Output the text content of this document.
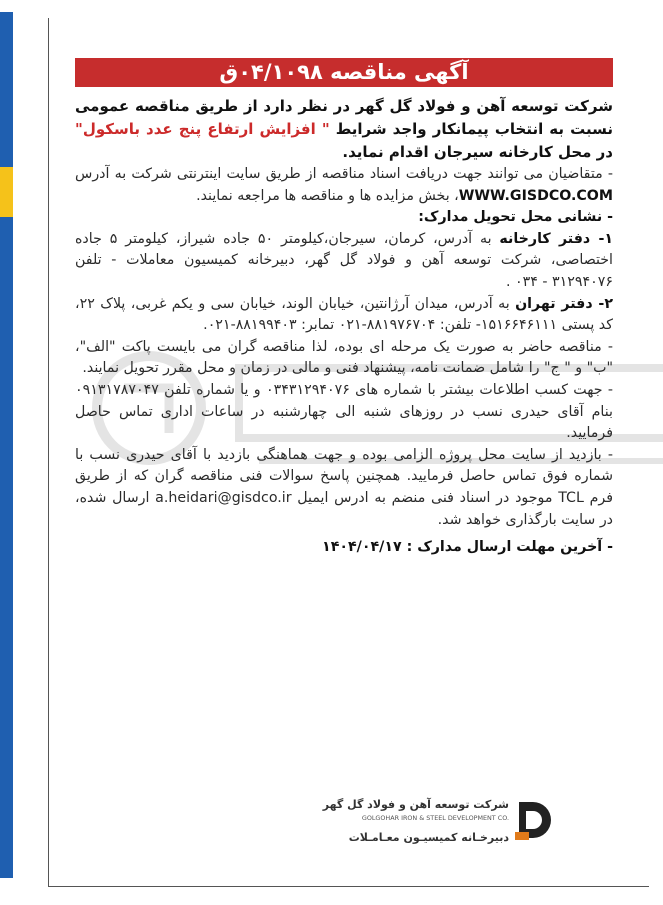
آگهی مناقصه ۰۴/۱۰۹۸ق

شرکت توسعه آهن و فولاد گل گهر در نظر دارد از طریق مناقصه عمومی نسبت به انتخاب پیمانکار واجد شرایط " افزایش ارتفاع پنج عدد باسکول" در محل کارخانه سیرجان اقدام نماید.

- متقاضیان می توانند جهت دریافت اسناد مناقصه از طریق سایت اینترنتی شرکت به آدرس WWW.GISDCO.COM، بخش مزایده ها و مناقصه ها مراجعه نمایند.

- نشانی محل تحویل مدارک:

۱- دفتر کارخانه به آدرس، کرمان، سیرجان،کیلومتر ۵۰ جاده شیراز، کیلومتر ۵ جاده اختصاصی، شرکت توسعه آهن و فولاد گل گهر، دبیرخانه کمیسیون معاملات - تلفن ۳۱۲۹۴۰۷۶ - ۰۳۴ .

۲- دفتر تهران به آدرس، میدان آرژانتین، خیابان الوند، خیابان سی و یکم غربی، پلاک ۲۲، کد پستی ۱۵۱۶۶۴۶۱۱۱- تلفن: ۸۸۱۹۷۶۷۰۴-۰۲۱ تمابر: ۸۸۱۹۹۴۰۳-۰۲۱.

- مناقصه حاضر به صورت یک مرحله ای بوده، لذا مناقصه گران می بایست پاکت "الف"، "ب" و " ج" را شامل ضمانت نامه، پیشنهاد فنی و مالی در زمان و محل مقرر تحویل نمایند.

- جهت کسب اطلاعات بیشتر با شماره های ۰۳۴۳۱۲۹۴۰۷۶ و یا شماره تلفن ۰۹۱۳۱۷۸۷۰۴۷ بنام آقای حیدری نسب در روزهای شنبه الی چهارشنبه در ساعات اداری تماس حاصل فرمایید.

- بازدید از سایت محل پروژه الزامی بوده و جهت هماهنگی بازدید با آقای حیدری نسب با شماره فوق تماس حاصل فرمایید. همچنین پاسخ سوالات فنی مناقصه گران که از طریق فرم TCL موجود در اسناد فنی منضم به ادرس ایمیل a.heidari@gisdco.ir ارسال شده، در سایت بارگذاری خواهد شد.

- آخرین مهلت ارسال مدارک : ۱۴۰۴/۰۴/۱۷

شرکت توسعه آهن و فولاد گل گهر
GOLGOHAR IRON & STEEL DEVELOPMENT CO.
دبیرخـانه کمیسیـون معـامـلات
